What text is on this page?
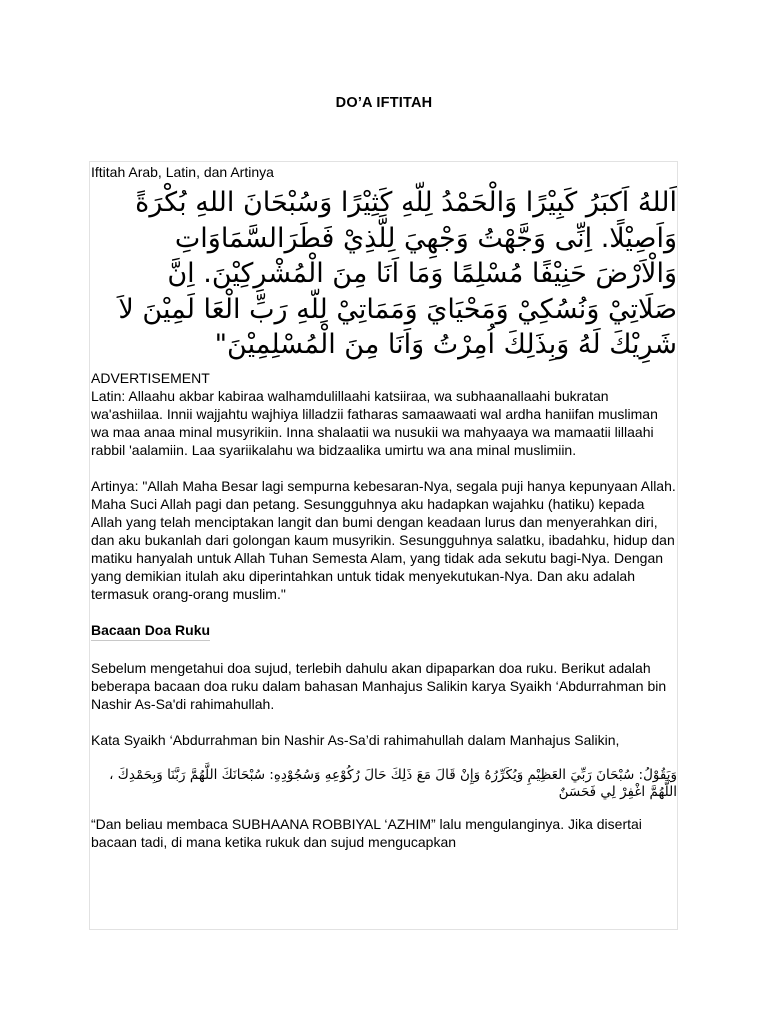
DO’A IFTITAH

Iftitah Arab, Latin, dan Artinya

اَللهُ اَكبَرُ كَبِيْرًا وَالْحَمْدُ لِلّهِ كَثِيْرًا وَسُبْحَانَ اللهِ بُكْرَةً وَاَصِيْلًا. اِنِّى وَجَّهْتُ وَجْهِيَ لِلَّذِيْ فَطَرَالسَّمَاوَاتِ وَالْاَرْضَ حَنِيْفًا مُسْلِمًا وَمَا اَنَا مِنَ الْمُشْرِكِيْنَ. اِنَّ صَلَاتِيْ وَنُسُكِيْ وَمَحْيَايَ وَمَمَاتِيْ لِلّهِ رَبِّ الْعَا لَمِيْنَ لاَ شَرِيْكَ لَهُ وَبِذَلِكَ اُمِرْتُ وَاَنَا مِنَ الْمُسْلِمِيْنَ"

ADVERTISEMENT

Latin: Allaahu akbar kabiraa walhamdulillaahi katsiiraa, wa subhaanallaahi bukratan wa'ashiilaa. Innii wajjahtu wajhiya lilladzii fatharas samaawaati wal ardha haniifan musliman wa maa anaa minal musyrikiin. Inna shalaatii wa nusukii wa mahyaaya wa mamaatii lillaahi rabbil 'aalamiin. Laa syariikalahu wa bidzaalika umirtu wa ana minal muslimiin.

Artinya: "Allah Maha Besar lagi sempurna kebesaran-Nya, segala puji hanya kepunyaan Allah. Maha Suci Allah pagi dan petang. Sesungguhnya aku hadapkan wajahku (hatiku) kepada Allah yang telah menciptakan langit dan bumi dengan keadaan lurus dan menyerahkan diri, dan aku bukanlah dari golongan kaum musyrikin. Sesungguhnya salatku, ibadahku, hidup dan matiku hanyalah untuk Allah Tuhan Semesta Alam, yang tidak ada sekutu bagi-Nya. Dengan yang demikian itulah aku diperintahkan untuk tidak menyekutukan-Nya. Dan aku adalah termasuk orang-orang muslim."

Bacaan Doa Ruku

Sebelum mengetahui doa sujud, terlebih dahulu akan dipaparkan doa ruku. Berikut adalah beberapa bacaan doa ruku dalam bahasan Manhajus Salikin karya Syaikh ‘Abdurrahman bin Nashir As-Sa'di rahimahullah.

Kata Syaikh ‘Abdurrahman bin Nashir As-Sa’di rahimahullah dalam Manhajus Salikin,

وَيَقُوْلُ: سُبْحَانَ رَبِّيَ العَظِيْمِ وَيُكَرِّرُهُ وَإِنْ قَالَ مَعَ ذَلِكَ حَالَ رُكُوْعِهِ وَسُجُوْدِهِ: سُبْحَانَكَ اللَّهُمَّ رَبَّنَا وَبِحَمْدِكَ ، اللَّهُمَّ اغْفِرْ لِي فَحَسَنٌ

“Dan beliau membaca SUBHAANA ROBBIYAL ‘AZHIM” lalu mengulanginya. Jika disertai bacaan tadi, di mana ketika rukuk dan sujud mengucapkan
